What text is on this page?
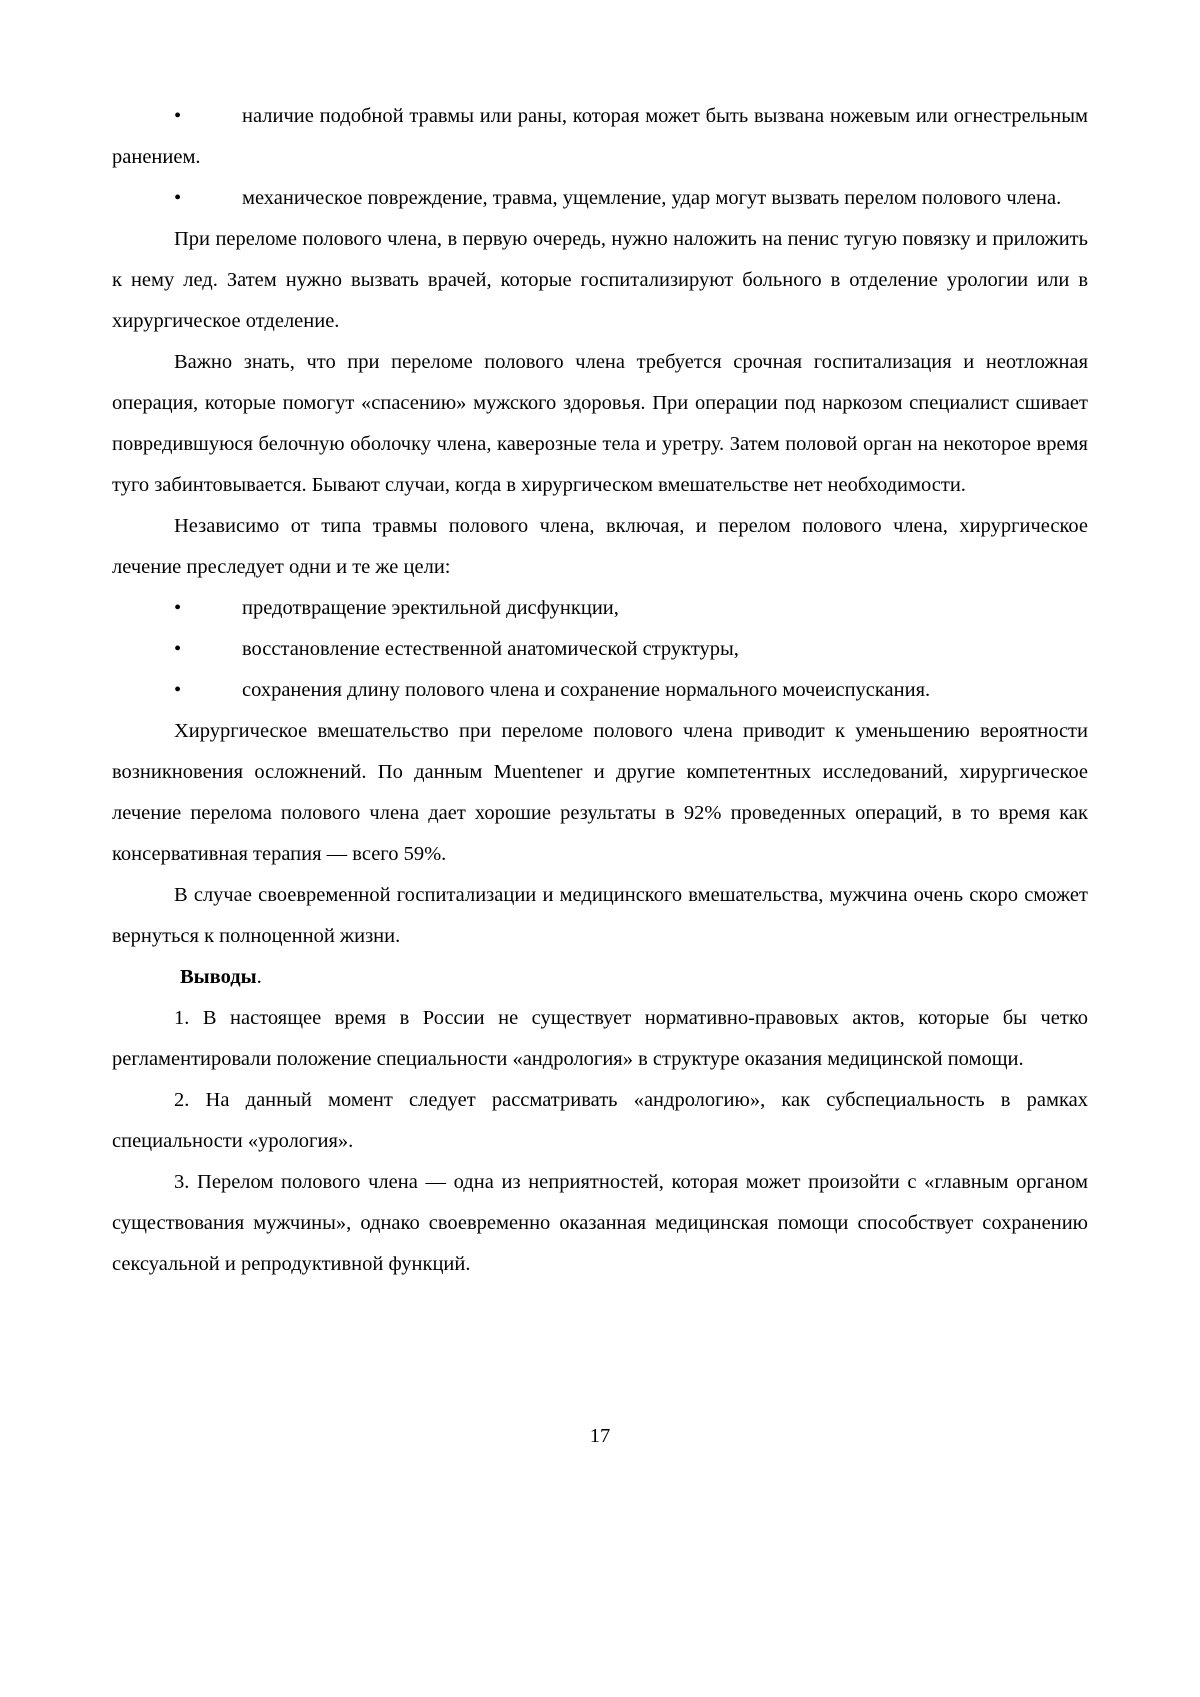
•	наличие подобной травмы или раны, которая может быть вызвана ножевым или огнестрельным ранением.
•	механическое повреждение, травма, ущемление, удар могут вызвать перелом полового члена.

При переломе полового члена, в первую очередь, нужно наложить на пенис тугую повязку и приложить к нему лед. Затем нужно вызвать врачей, которые госпитализируют больного в отделение урологии или в хирургическое отделение.

Важно знать, что при переломе полового члена требуется срочная госпитализация и неотложная операция, которые помогут «спасению» мужского здоровья. При операции под наркозом специалист сшивает повредившуюся белочную оболочку члена, каверозные тела и уретру. Затем половой орган на некоторое время туго забинтовывается. Бывают случаи, когда в хирургическом вмешательстве нет необходимости.

Независимо от типа травмы полового члена, включая, и перелом полового члена, хирургическое лечение преследует одни и те же цели:

•	предотвращение эректильной дисфункции,
•	восстановление естественной анатомической структуры,
•	сохранения длину полового члена и сохранение нормального мочеиспускания.

Хирургическое вмешательство при переломе полового члена приводит к уменьшению вероятности возникновения осложнений. По данным Muentener и другие компетентных исследований, хирургическое лечение перелома полового члена дает хорошие результаты в 92% проведенных операций, в то время как консервативная терапия — всего 59%.

В случае своевременной госпитализации и медицинского вмешательства, мужчина очень скоро сможет вернуться к полноценной жизни.

Выводы.

1. В настоящее время в России не существует нормативно-правовых актов, которые бы четко регламентировали положение специальности «андрология» в структуре оказания медицинской помощи.

2. На данный момент следует рассматривать «андрологию», как субспециальность в рамках специальности «урология».

3. Перелом полового члена — одна из неприятностей, которая может произойти с «главным органом существования мужчины», однако своевременно оказанная медицинская помощи способствует сохранению сексуальной и репродуктивной функций.

17
